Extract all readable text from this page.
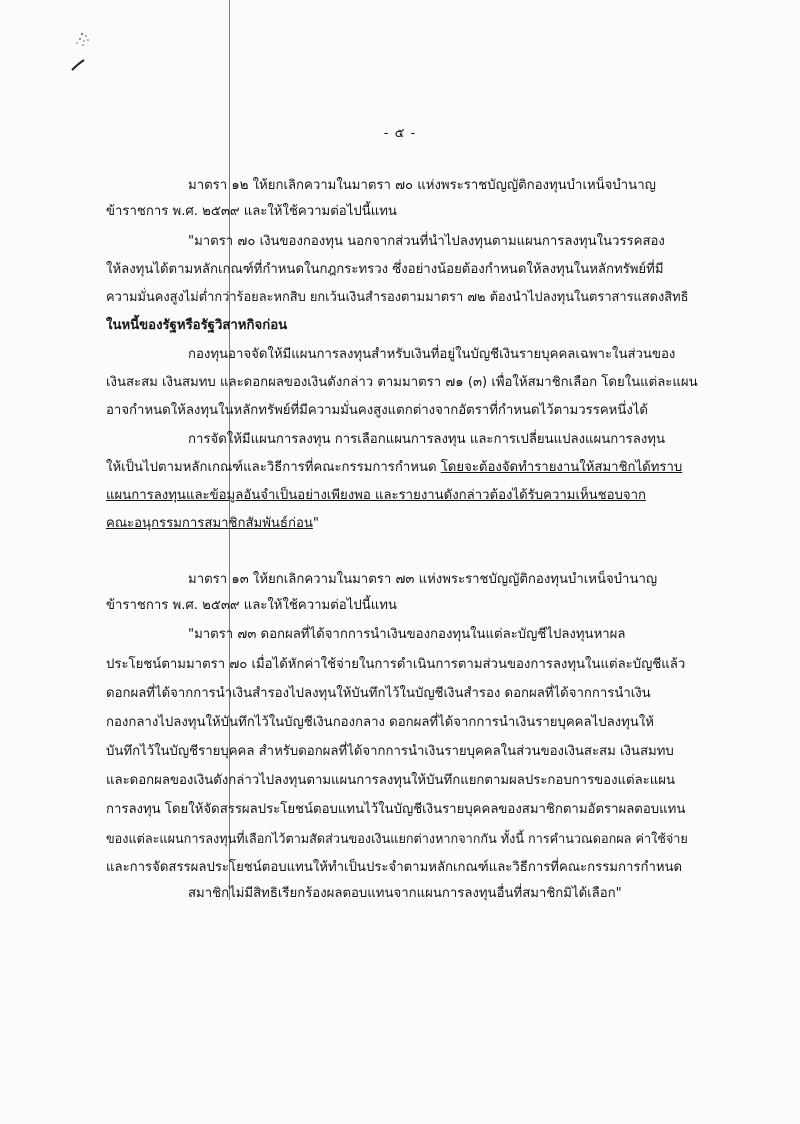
- ๕ -
มาตรา ๑๒ ให้ยกเลิกความในมาตรา ๗๐ แห่งพระราชบัญญัติกองทุนบำเหน็จบำนาญ
ข้าราชการ พ.ศ. ๒๕๓๙ และให้ใช้ความต่อไปนี้แทน
"มาตรา ๗๐ เงินของกองทุน นอกจากส่วนที่นำไปลงทุนตามแผนการลงทุนในวรรคสอง
ให้ลงทุนได้ตามหลักเกณฑ์ที่กำหนดในกฎกระทรวง ซึ่งอย่างน้อยต้องกำหนดให้ลงทุนในหลักทรัพย์ที่มี
ความมั่นคงสูงไม่ต่ำกว่าร้อยละหกสิบ ยกเว้นเงินสำรองตามมาตรา ๗๒ ต้องนำไปลงทุนในตราสารแสดงสิทธิ
ในหนี้ของรัฐหรือรัฐวิสาหกิจก่อน
กองทุนอาจจัดให้มีแผนการลงทุนสำหรับเงินที่อยู่ในบัญชีเงินรายบุคคลเฉพาะในส่วนของ
เงินสะสม เงินสมทบ และดอกผลของเงินดังกล่าว ตามมาตรา ๗๑ (๓) เพื่อให้สมาชิกเลือก โดยในแต่ละแผน
อาจกำหนดให้ลงทุนในหลักทรัพย์ที่มีความมั่นคงสูงแตกต่างจากอัตราที่กำหนดไว้ตามวรรคหนึ่งได้
การจัดให้มีแผนการลงทุน การเลือกแผนการลงทุน และการเปลี่ยนแปลงแผนการลงทุน
ให้เป็นไปตามหลักเกณฑ์และวิธีการที่คณะกรรมการกำหนด โดยจะต้องจัดทำรายงานให้สมาชิกได้ทราบ
แผนการลงทุนและข้อมูลอันจำเป็นอย่างเพียงพอ และรายงานดังกล่าวต้องได้รับความเห็นชอบจาก
คณะอนุกรรมการสมาชิกสัมพันธ์ก่อน"
มาตรา ๑๓ ให้ยกเลิกความในมาตรา ๗๓ แห่งพระราชบัญญัติกองทุนบำเหน็จบำนาญ
ข้าราชการ พ.ศ. ๒๕๓๙ และให้ใช้ความต่อไปนี้แทน
"มาตรา ๗๓ ดอกผลที่ได้จากการนำเงินของกองทุนในแต่ละบัญชีไปลงทุนหาผล
ประโยชน์ตามมาตรา ๗๐ เมื่อได้หักค่าใช้จ่ายในการดำเนินการตามส่วนของการลงทุนในแต่ละบัญชีแล้ว
ดอกผลที่ได้จากการนำเงินสำรองไปลงทุนให้บันทึกไว้ในบัญชีเงินสำรอง ดอกผลที่ได้จากการนำเงิน
กองกลางไปลงทุนให้บันทึกไว้ในบัญชีเงินกองกลาง ดอกผลที่ได้จากการนำเงินรายบุคคลไปลงทุนให้
บันทึกไว้ในบัญชีรายบุคคล สำหรับดอกผลที่ได้จากการนำเงินรายบุคคลในส่วนของเงินสะสม เงินสมทบ
และดอกผลของเงินดังกล่าวไปลงทุนตามแผนการลงทุนให้บันทึกแยกตามผลประกอบการของแต่ละแผน
การลงทุน โดยให้จัดสรรผลประโยชน์ตอบแทนไว้ในบัญชีเงินรายบุคคลของสมาชิกตามอัตราผลตอบแทน
ของแต่ละแผนการลงทุนที่เลือกไว้ตามสัดส่วนของเงินแยกต่างหากจากกัน ทั้งนี้ การคำนวณดอกผล ค่าใช้จ่าย
และการจัดสรรผลประโยชน์ตอบแทนให้ทำเป็นประจำตามหลักเกณฑ์และวิธีการที่คณะกรรมการกำหนด
สมาชิกไม่มีสิทธิเรียกร้องผลตอบแทนจากแผนการลงทุนอื่นที่สมาชิกมิได้เลือก"
